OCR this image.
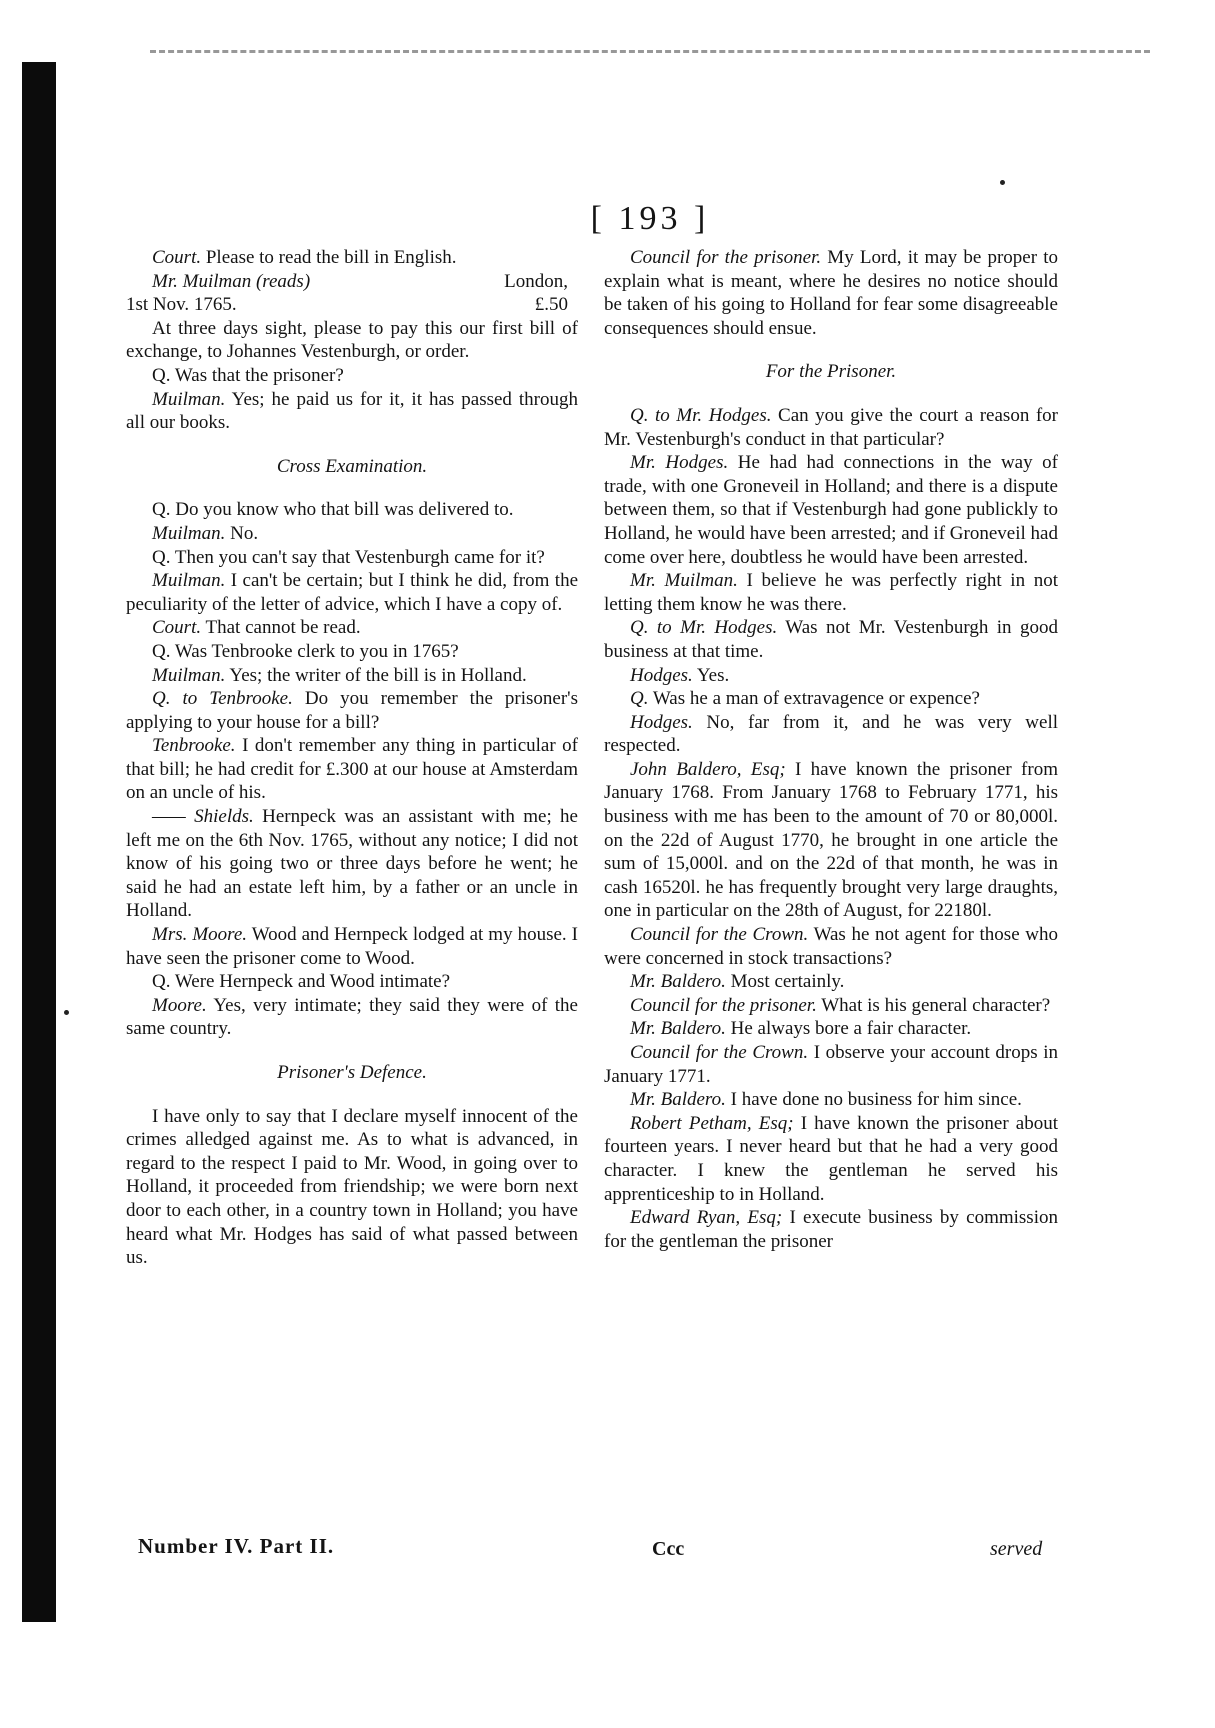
[ 193 ]

Court. Please to read the bill in English.

Mr. Muilman (reads)	London,

1st Nov. 1765.	£.50

At three days sight, please to pay this our first bill of exchange, to Johannes Vestenburgh, or order.

Q. Was that the prisoner?

Muilman. Yes; he paid us for it, it has passed through all our books.

Cross Examination.

Q. Do you know who that bill was delivered to.

Muilman. No.

Q. Then you can't say that Vestenburgh came for it?

Muilman. I can't be certain; but I think he did, from the peculiarity of the letter of advice, which I have a copy of.

Court. That cannot be read.

Q. Was Tenbrooke clerk to you in 1765?

Muilman. Yes; the writer of the bill is in Holland.

Q. to Tenbrooke. Do you remember the prisoner's applying to your house for a bill?

Tenbrooke. I don't remember any thing in particular of that bill; he had credit for £.300 at our house at Amsterdam on an uncle of his.

—— Shields. Hernpeck was an assistant with me; he left me on the 6th Nov. 1765, without any notice; I did not know of his going two or three days before he went; he said he had an estate left him, by a father or an uncle in Holland.

Mrs. Moore. Wood and Hernpeck lodged at my house. I have seen the prisoner come to Wood.

Q. Were Hernpeck and Wood intimate?

Moore. Yes, very intimate; they said they were of the same country.

Prisoner's Defence.

I have only to say that I declare myself innocent of the crimes alledged against me. As to what is advanced, in regard to the respect I paid to Mr. Wood, in going over to Holland, it proceeded from friendship; we were born next door to each other, in a country town in Holland; you have heard what Mr. Hodges has said of what passed between us.

Council for the prisoner. My Lord, it may be proper to explain what is meant, where he desires no notice should be taken of his going to Holland for fear some disagreeable consequences should ensue.

For the Prisoner.

Q. to Mr. Hodges. Can you give the court a reason for Mr. Vestenburgh's conduct in that particular?

Mr. Hodges. He had had connections in the way of trade, with one Groneveil in Holland; and there is a dispute between them, so that if Vestenburgh had gone publickly to Holland, he would have been arrested; and if Groneveil had come over here, doubtless he would have been arrested.

Mr. Muilman. I believe he was perfectly right in not letting them know he was there.

Q. to Mr. Hodges. Was not Mr. Vestenburgh in good business at that time.

Hodges. Yes.

Q. Was he a man of extravagence or expence?

Hodges. No, far from it, and he was very well respected.

John Baldero, Esq; I have known the prisoner from January 1768. From January 1768 to February 1771, his business with me has been to the amount of 70 or 80,000l. on the 22d of August 1770, he brought in one article the sum of 15,000l. and on the 22d of that month, he was in cash 16520l. he has frequently brought very large draughts, one in particular on the 28th of August, for 22180l.

Council for the Crown. Was he not agent for those who were concerned in stock transactions?

Mr. Baldero. Most certainly.

Council for the prisoner. What is his general character?

Mr. Baldero. He always bore a fair character.

Council for the Crown. I observe your account drops in January 1771.

Mr. Baldero. I have done no business for him since.

Robert Petham, Esq; I have known the prisoner about fourteen years. I never heard but that he had a very good character. I knew the gentleman he served his apprenticeship to in Holland.

Edward Ryan, Esq; I execute business by commission for the gentleman the prisoner

Number IV. Part II.	Ccc	served
